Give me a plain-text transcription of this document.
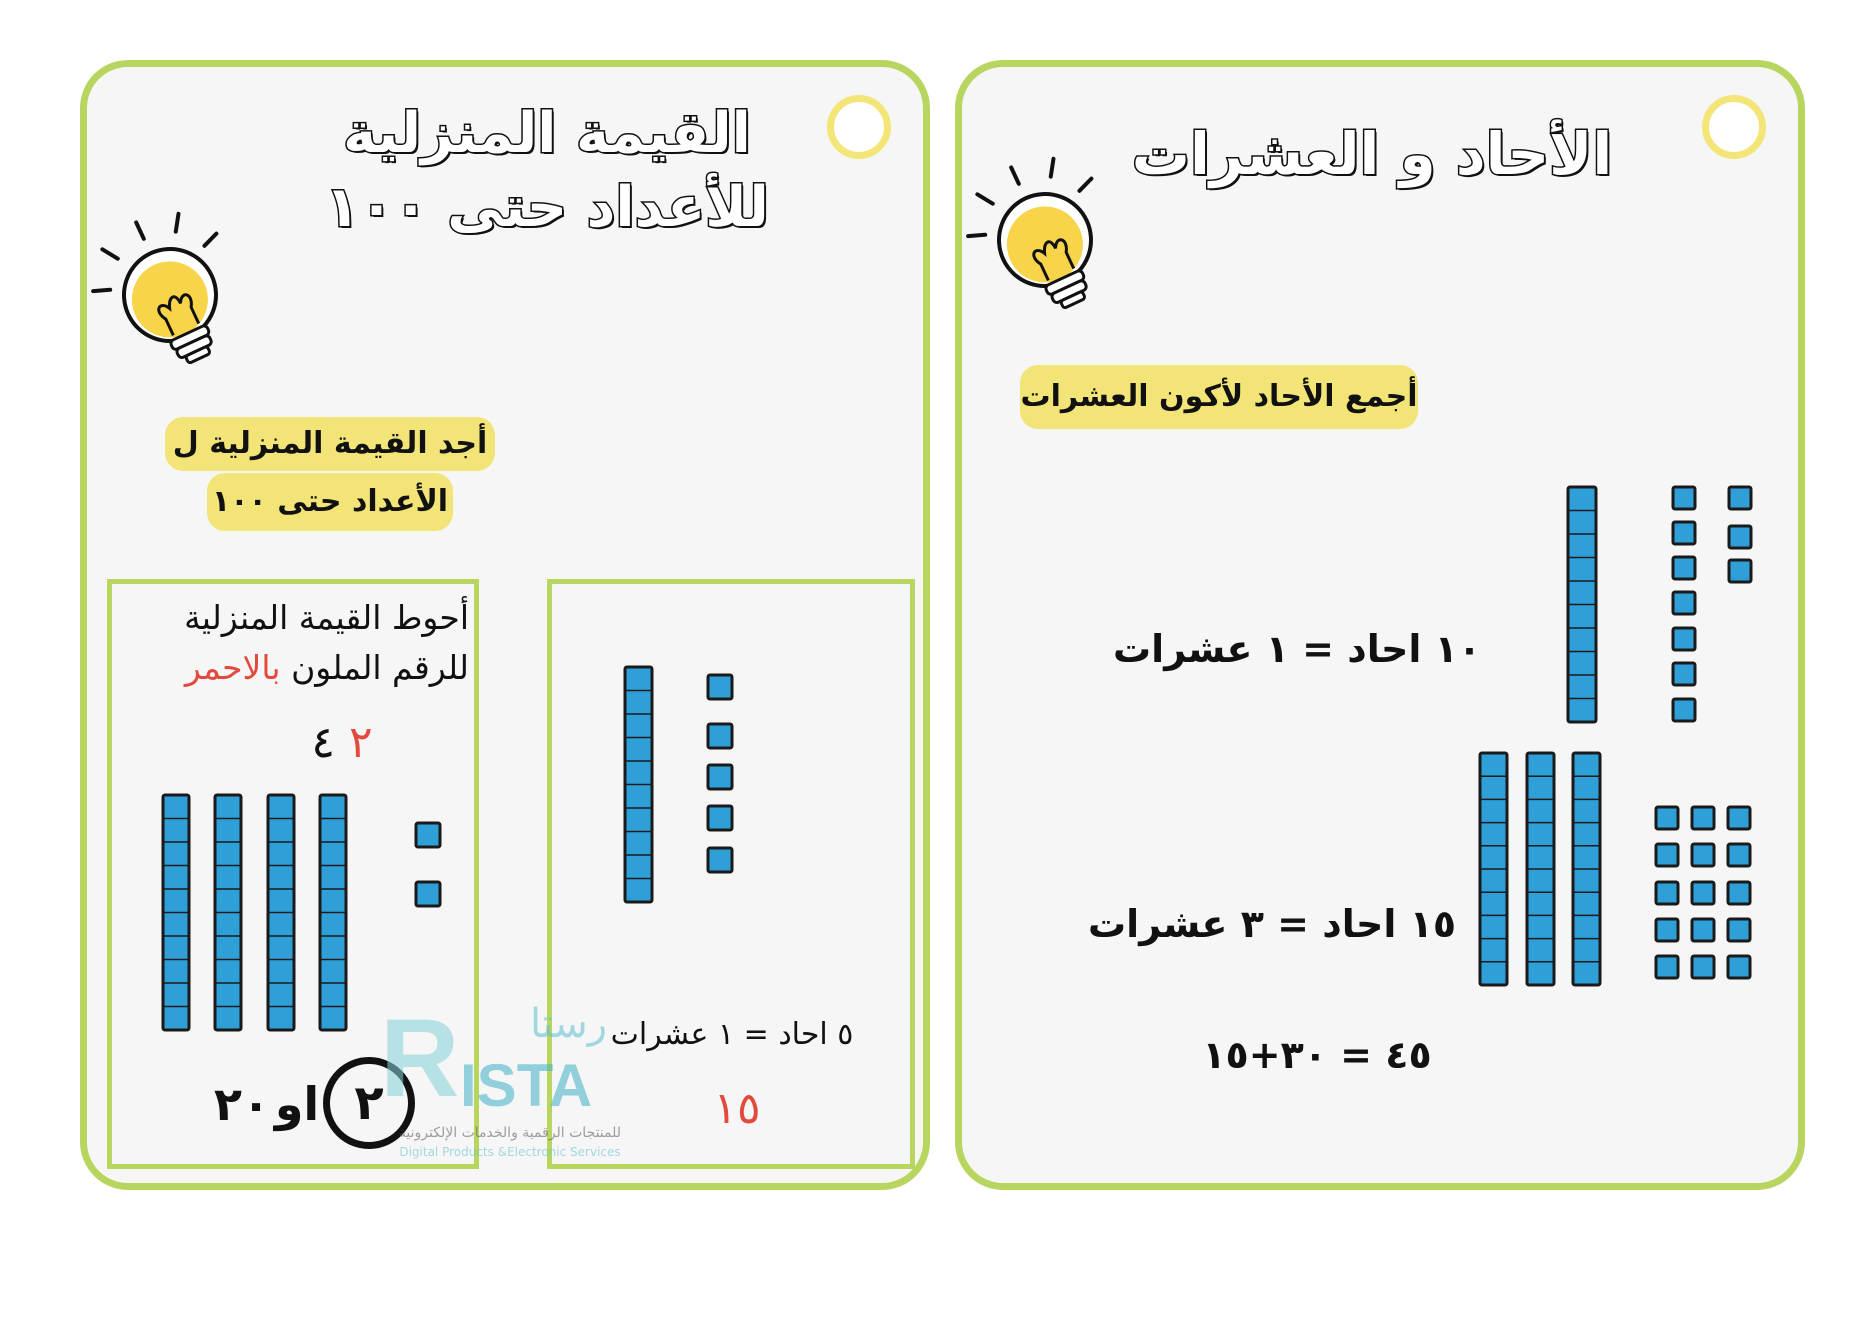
القيمة المنزلية
للأعداد حتى ١٠٠
أجد القيمة المنزلية ل
الأعداد حتى ١٠٠
أحوط القيمة المنزلية
للرقم الملون بالاحمر
٢ ٤
٢٠ او ٢
٥ احاد = ١ عشرات
١٥
الأحاد و العشرات
أجمع الأحاد لأكون العشرات
١٠ احاد = ١ عشرات
١٥ احاد = ٣ عشرات
٤٥ = ٣٠+١٥
R رستا
ISTA
للمنتجات الرقمية والخدمات الإلكترونية
Digital Products &Electronic Services
